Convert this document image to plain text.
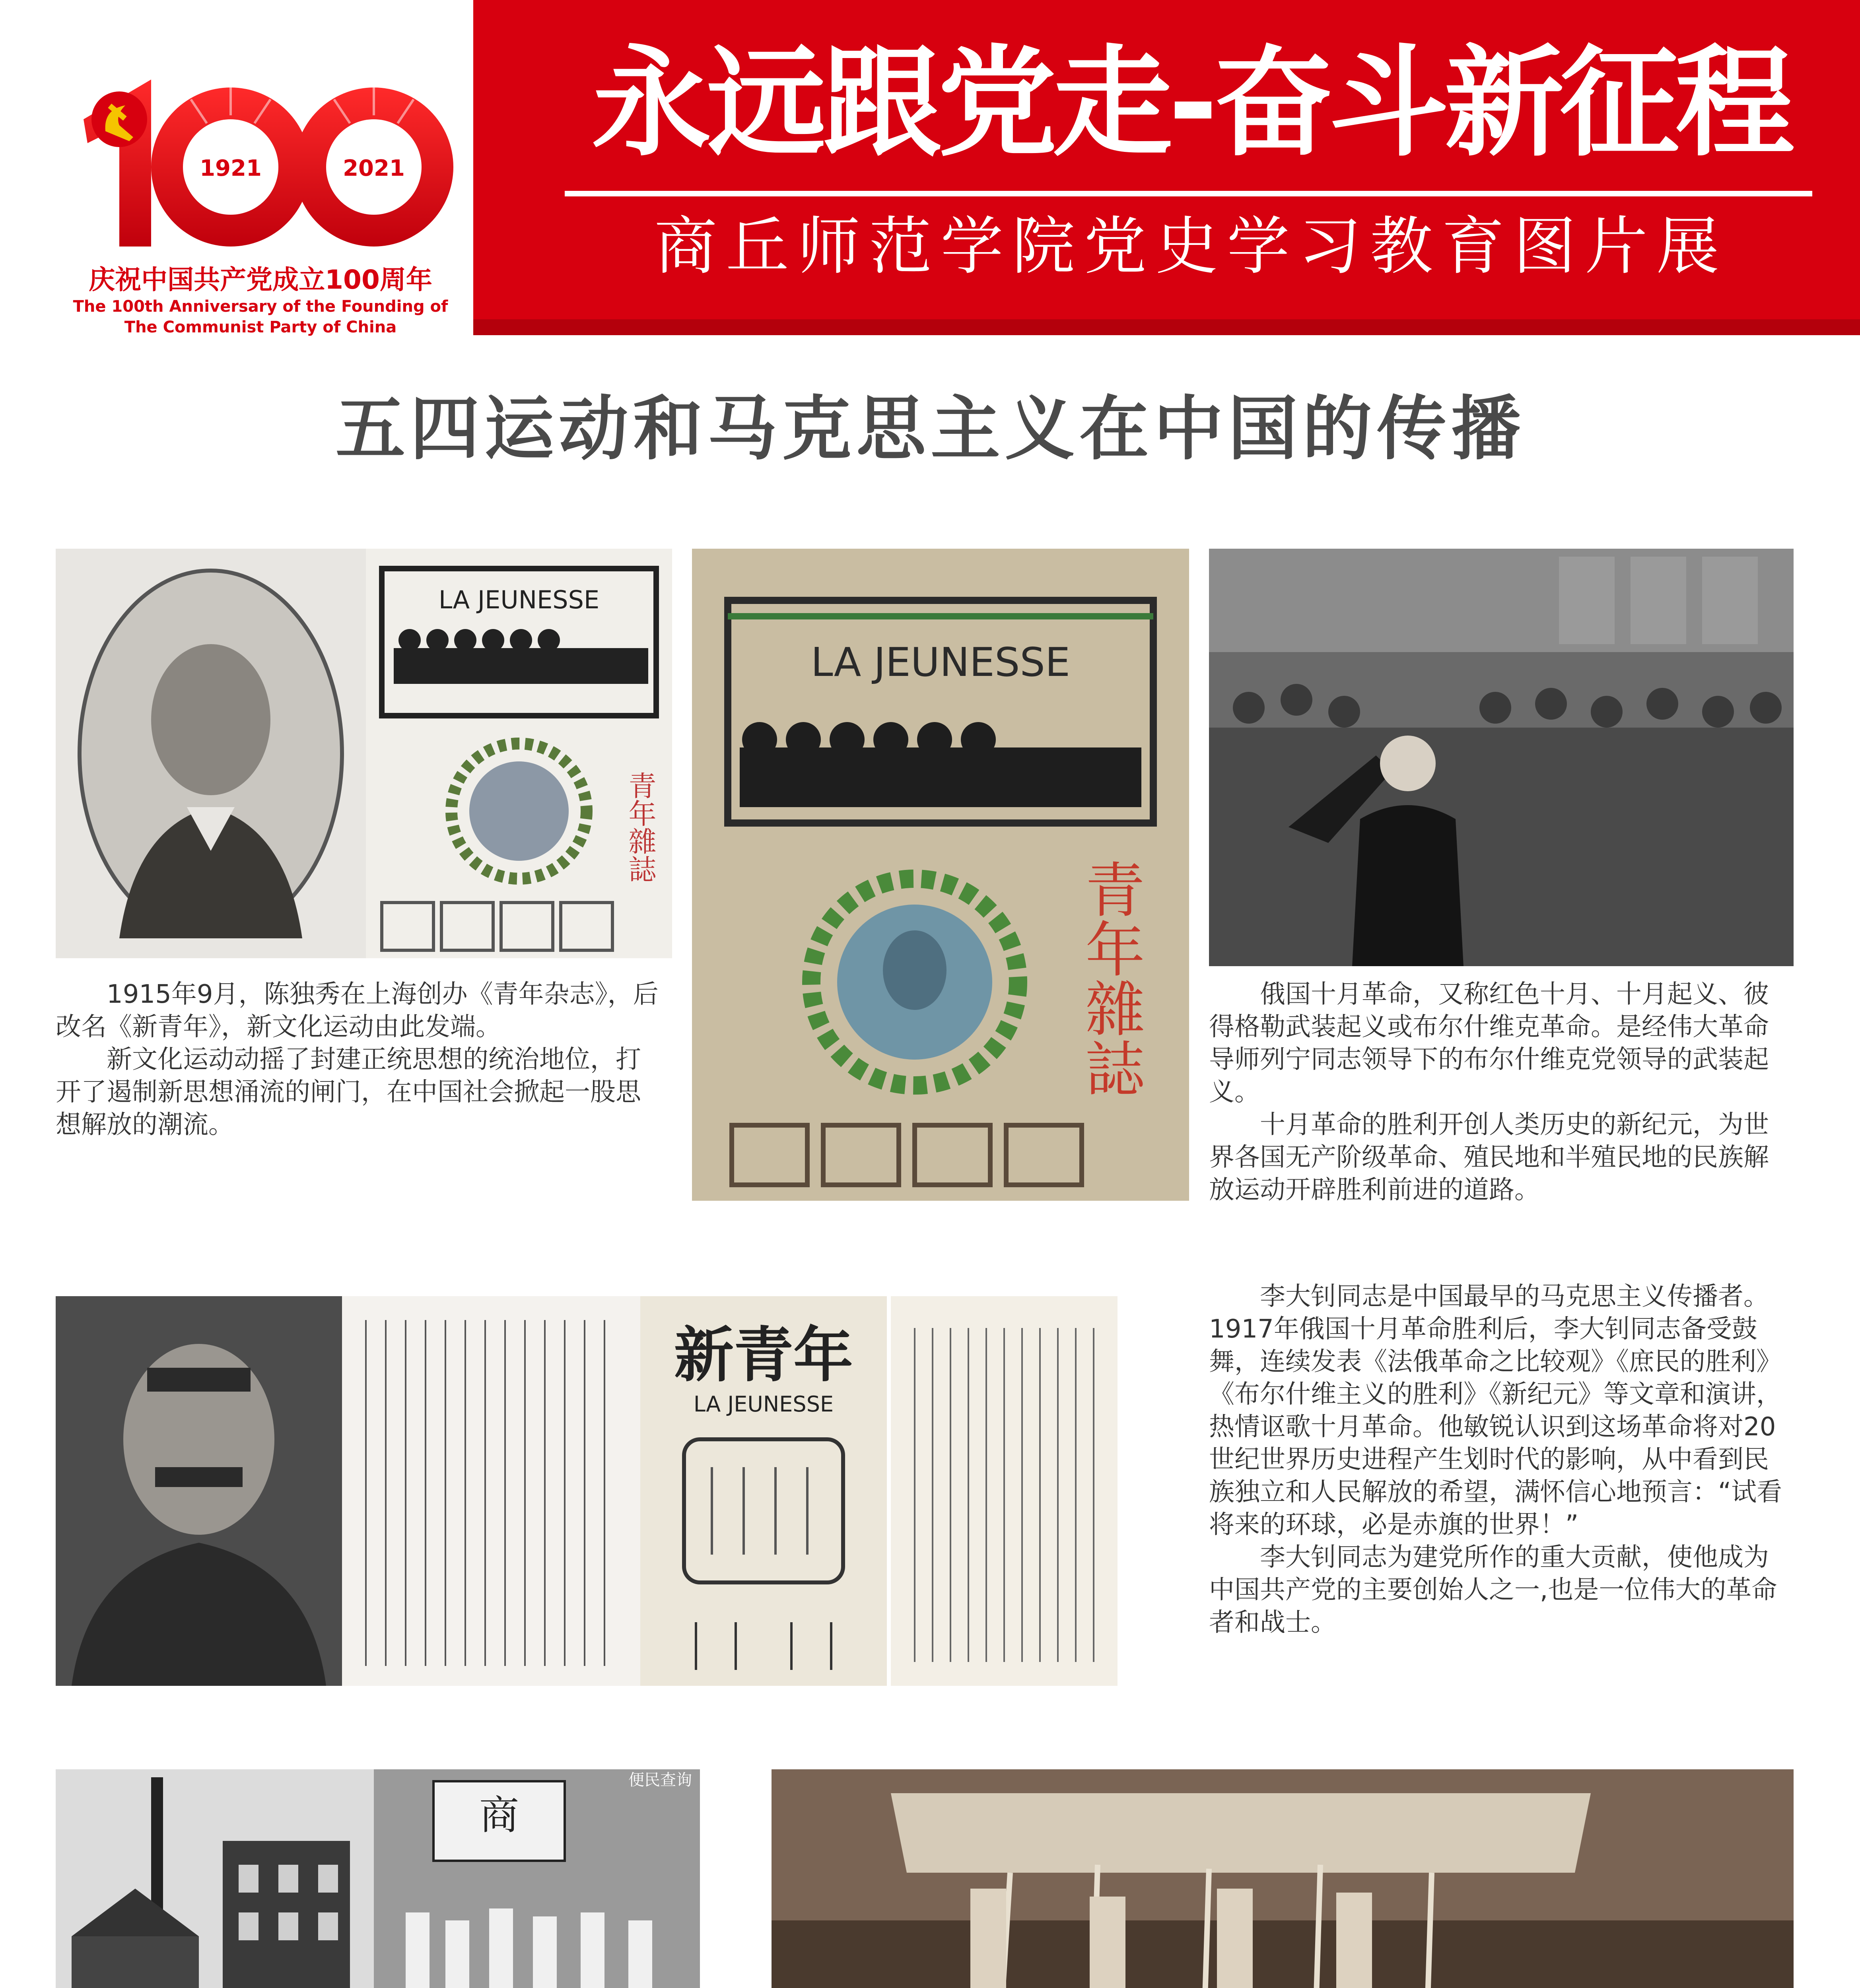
永远跟党走-奋斗新征程
商丘师范学院党史学习教育图片展
1921	2021
庆祝中国共产党成立100周年
The 100th Anniversary of the Founding of
The Communist Party of China
五四运动和马克思主义在中国的传播
LA JEUNESSE
青年雜誌
LA JEUNESSE
青年雜誌

1915年9月，陈独秀在上海创办《青年杂志》，后改名《新青年》，新文化运动由此发端。

新文化运动动摇了封建正统思想的统治地位，打开了遏制新思想涌流的闸门，在中国社会掀起一股思想解放的潮流。

俄国十月革命，又称红色十月、十月起义、彼得格勒武装起义或布尔什维克革命。是经伟大革命导师列宁同志领导下的布尔什维克党领导的武装起义。

十月革命的胜利开创人类历史的新纪元，为世界各国无产阶级革命、殖民地和半殖民地的民族解放运动开辟胜利前进的道路。

新青年
LA JEUNESSE

李大钊同志是中国最早的马克思主义传播者。1917年俄国十月革命胜利后，李大钊同志备受鼓舞，连续发表《法俄革命之比较观》《庶民的胜利》《布尔什维主义的胜利》《新纪元》等文章和演讲，热情讴歌十月革命。他敏锐认识到这场革命将对20世纪世界历史进程产生划时代的影响，从中看到民族独立和人民解放的希望，满怀信心地预言：“试看将来的环球，必是赤旗的世界！”

李大钊同志为建党所作的重大贡献，使他成为中国共产党的主要创始人之一,也是一位伟大的革命者和战士。

商
便民查询
